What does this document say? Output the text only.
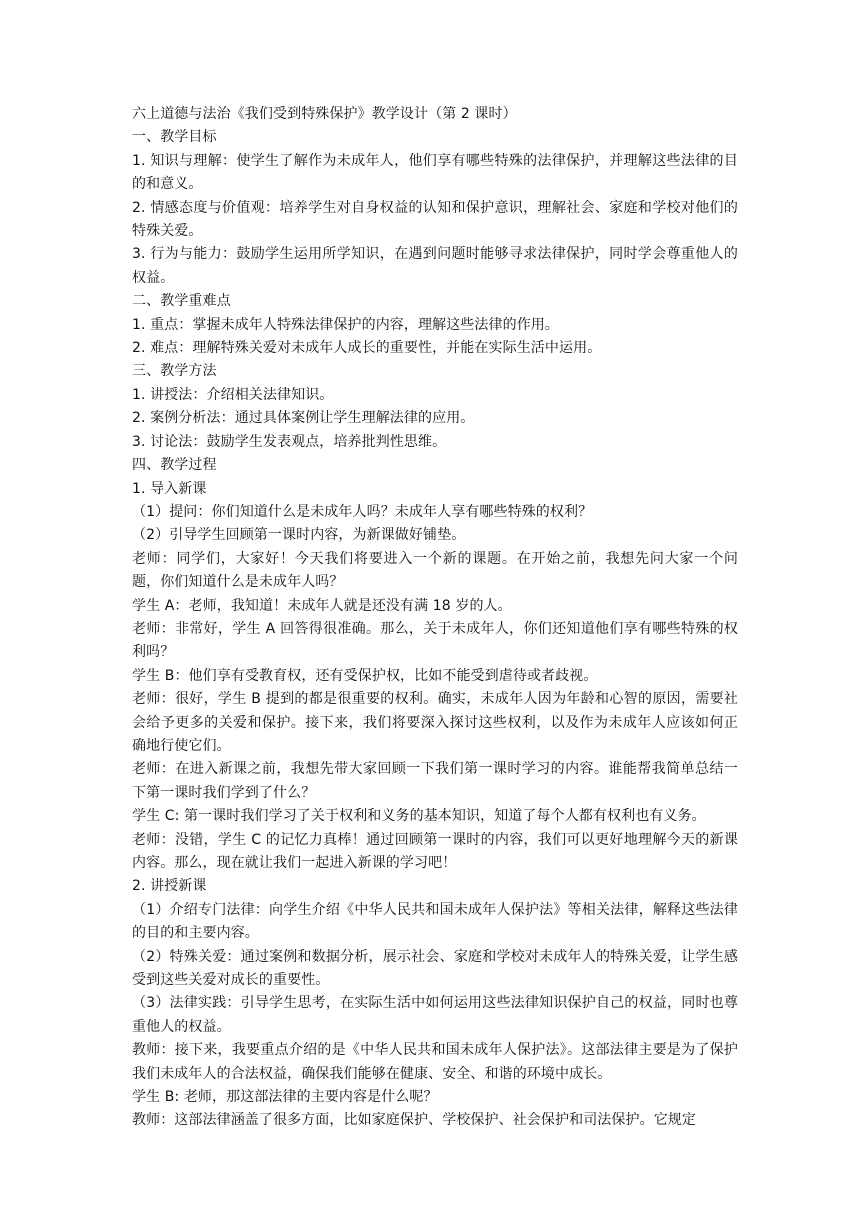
六上道德与法治《我们受到特殊保护》教学设计（第 2 课时）

一、教学目标

1. 知识与理解：使学生了解作为未成年人，他们享有哪些特殊的法律保护，并理解这些法律的目的和意义。

2. 情感态度与价值观：培养学生对自身权益的认知和保护意识，理解社会、家庭和学校对他们的特殊关爱。

3. 行为与能力：鼓励学生运用所学知识，在遇到问题时能够寻求法律保护，同时学会尊重他人的权益。

二、教学重难点

1. 重点：掌握未成年人特殊法律保护的内容，理解这些法律的作用。

2. 难点：理解特殊关爱对未成年人成长的重要性，并能在实际生活中运用。

三、教学方法

1. 讲授法：介绍相关法律知识。

2. 案例分析法：通过具体案例让学生理解法律的应用。

3. 讨论法：鼓励学生发表观点，培养批判性思维。

四、教学过程

1. 导入新课

（1）提问：你们知道什么是未成年人吗？未成年人享有哪些特殊的权利？

（2）引导学生回顾第一课时内容，为新课做好铺垫。

老师：同学们，大家好！今天我们将要进入一个新的课题。在开始之前，我想先问大家一个问题，你们知道什么是未成年人吗？

学生 A：老师，我知道！未成年人就是还没有满 18 岁的人。

老师：非常好，学生 A 回答得很准确。那么，关于未成年人，你们还知道他们享有哪些特殊的权利吗？

学生 B：他们享有受教育权，还有受保护权，比如不能受到虐待或者歧视。

老师：很好，学生 B 提到的都是很重要的权利。确实，未成年人因为年龄和心智的原因，需要社会给予更多的关爱和保护。接下来，我们将要深入探讨这些权利，以及作为未成年人应该如何正确地行使它们。

老师：在进入新课之前，我想先带大家回顾一下我们第一课时学习的内容。谁能帮我简单总结一下第一课时我们学到了什么？

学生 C: 第一课时我们学习了关于权利和义务的基本知识，知道了每个人都有权利也有义务。

老师：没错，学生 C 的记忆力真棒！通过回顾第一课时的内容，我们可以更好地理解今天的新课内容。那么，现在就让我们一起进入新课的学习吧！

2. 讲授新课

（1）介绍专门法律：向学生介绍《中华人民共和国未成年人保护法》等相关法律，解释这些法律的目的和主要内容。

（2）特殊关爱：通过案例和数据分析，展示社会、家庭和学校对未成年人的特殊关爱，让学生感受到这些关爱对成长的重要性。

（3）法律实践：引导学生思考，在实际生活中如何运用这些法律知识保护自己的权益，同时也尊重他人的权益。

教师：接下来，我要重点介绍的是《中华人民共和国未成年人保护法》。这部法律主要是为了保护我们未成年人的合法权益，确保我们能够在健康、安全、和谐的环境中成长。

学生 B: 老师，那这部法律的主要内容是什么呢？

教师：这部法律涵盖了很多方面，比如家庭保护、学校保护、社会保护和司法保护。它规定
